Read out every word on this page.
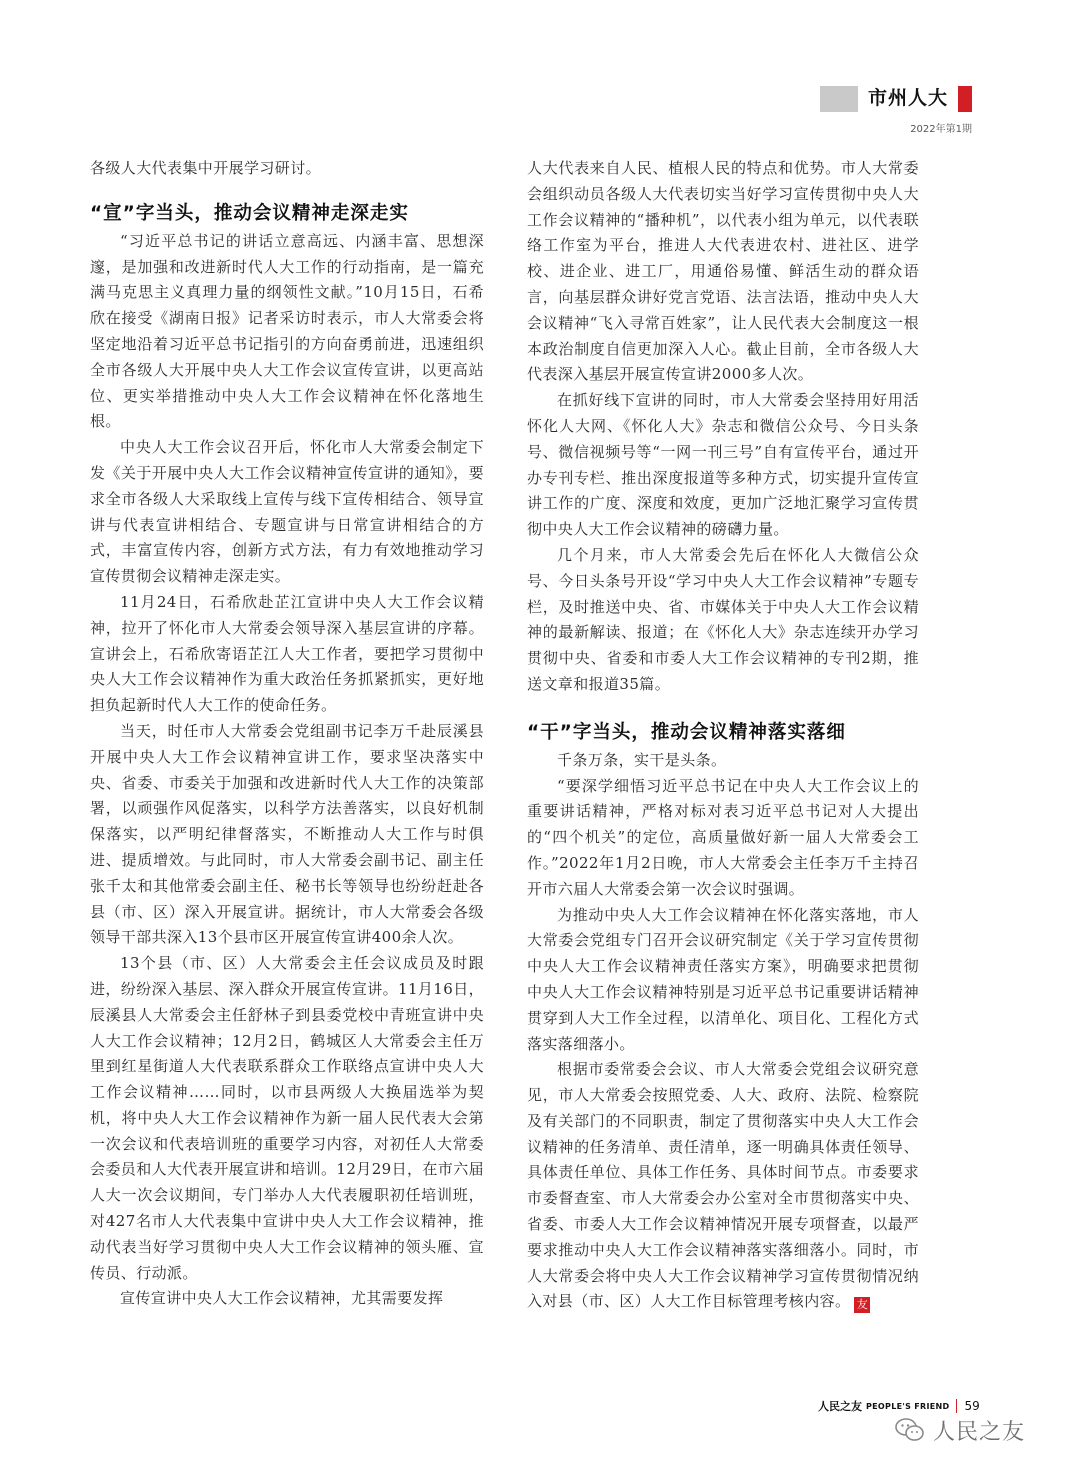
市州人大
2022年第1期

各级人大代表集中开展学习研讨。

“宣”字当头，推动会议精神走深走实

“习近平总书记的讲话立意高远、内涵丰富、思想深邃，是加强和改进新时代人大工作的行动指南，是一篇充满马克思主义真理力量的纲领性文献。”10月15日，石希欣在接受《湖南日报》记者采访时表示，市人大常委会将坚定地沿着习近平总书记指引的方向奋勇前进，迅速组织全市各级人大开展中央人大工作会议宣传宣讲，以更高站位、更实举措推动中央人大工作会议精神在怀化落地生根。

中央人大工作会议召开后，怀化市人大常委会制定下发《关于开展中央人大工作会议精神宣传宣讲的通知》，要求全市各级人大采取线上宣传与线下宣传相结合、领导宣讲与代表宣讲相结合、专题宣讲与日常宣讲相结合的方式，丰富宣传内容，创新方式方法，有力有效地推动学习宣传贯彻会议精神走深走实。

11月24日，石希欣赴芷江宣讲中央人大工作会议精神，拉开了怀化市人大常委会领导深入基层宣讲的序幕。宣讲会上，石希欣寄语芷江人大工作者，要把学习贯彻中央人大工作会议精神作为重大政治任务抓紧抓实，更好地担负起新时代人大工作的使命任务。

当天，时任市人大常委会党组副书记李万千赴辰溪县开展中央人大工作会议精神宣讲工作，要求坚决落实中央、省委、市委关于加强和改进新时代人大工作的决策部署，以顽强作风促落实，以科学方法善落实，以良好机制保落实，以严明纪律督落实，不断推动人大工作与时俱进、提质增效。与此同时，市人大常委会副书记、副主任张千太和其他常委会副主任、秘书长等领导也纷纷赶赴各县（市、区）深入开展宣讲。据统计，市人大常委会各级领导干部共深入13个县市区开展宣传宣讲400余人次。

13个县（市、区）人大常委会主任会议成员及时跟进，纷纷深入基层、深入群众开展宣传宣讲。11月16日，辰溪县人大常委会主任舒林子到县委党校中青班宣讲中央人大工作会议精神；12月2日，鹤城区人大常委会主任万里到红星街道人大代表联系群众工作联络点宣讲中央人大工作会议精神……同时，以市县两级人大换届选举为契机，将中央人大工作会议精神作为新一届人民代表大会第一次会议和代表培训班的重要学习内容，对初任人大常委会委员和人大代表开展宣讲和培训。12月29日，在市六届人大一次会议期间，专门举办人大代表履职初任培训班，对427名市人大代表集中宣讲中央人大工作会议精神，推动代表当好学习贯彻中央人大工作会议精神的领头雁、宣传员、行动派。

宣传宣讲中央人大工作会议精神，尤其需要发挥

人大代表来自人民、植根人民的特点和优势。市人大常委会组织动员各级人大代表切实当好学习宣传贯彻中央人大工作会议精神的“播种机”，以代表小组为单元，以代表联络工作室为平台，推进人大代表进农村、进社区、进学校、进企业、进工厂，用通俗易懂、鲜活生动的群众语言，向基层群众讲好党言党语、法言法语，推动中央人大会议精神“飞入寻常百姓家”，让人民代表大会制度这一根本政治制度自信更加深入人心。截止目前，全市各级人大代表深入基层开展宣传宣讲2000多人次。

在抓好线下宣讲的同时，市人大常委会坚持用好用活怀化人大网、《怀化人大》杂志和微信公众号、今日头条号、微信视频号等“一网一刊三号”自有宣传平台，通过开办专刊专栏、推出深度报道等多种方式，切实提升宣传宣讲工作的广度、深度和效度，更加广泛地汇聚学习宣传贯彻中央人大工作会议精神的磅礴力量。

几个月来，市人大常委会先后在怀化人大微信公众号、今日头条号开设“学习中央人大工作会议精神”专题专栏，及时推送中央、省、市媒体关于中央人大工作会议精神的最新解读、报道；在《怀化人大》杂志连续开办学习贯彻中央、省委和市委人大工作会议精神的专刊2期，推送文章和报道35篇。

“干”字当头，推动会议精神落实落细

千条万条，实干是头条。

“要深学细悟习近平总书记在中央人大工作会议上的重要讲话精神，严格对标对表习近平总书记对人大提出的“四个机关”的定位，高质量做好新一届人大常委会工作。”2022年1月2日晚，市人大常委会主任李万千主持召开市六届人大常委会第一次会议时强调。

为推动中央人大工作会议精神在怀化落实落地，市人大常委会党组专门召开会议研究制定《关于学习宣传贯彻中央人大工作会议精神责任落实方案》，明确要求把贯彻中央人大工作会议精神特别是习近平总书记重要讲话精神贯穿到人大工作全过程，以清单化、项目化、工程化方式落实落细落小。

根据市委常委会会议、市人大常委会党组会议研究意见，市人大常委会按照党委、人大、政府、法院、检察院及有关部门的不同职责，制定了贯彻落实中央人大工作会议精神的任务清单、责任清单，逐一明确具体责任领导、具体责任单位、具体工作任务、具体时间节点。市委要求市委督查室、市人大常委会办公室对全市贯彻落实中央、省委、市委人大工作会议精神情况开展专项督查，以最严要求推动中央人大工作会议精神落实落细落小。同时，市人大常委会将中央人大工作会议精神学习宣传贯彻情况纳入对县（市、区）人大工作目标管理考核内容。 友

人民之友 PEOPLE'S FRIEND 59
人民之友
